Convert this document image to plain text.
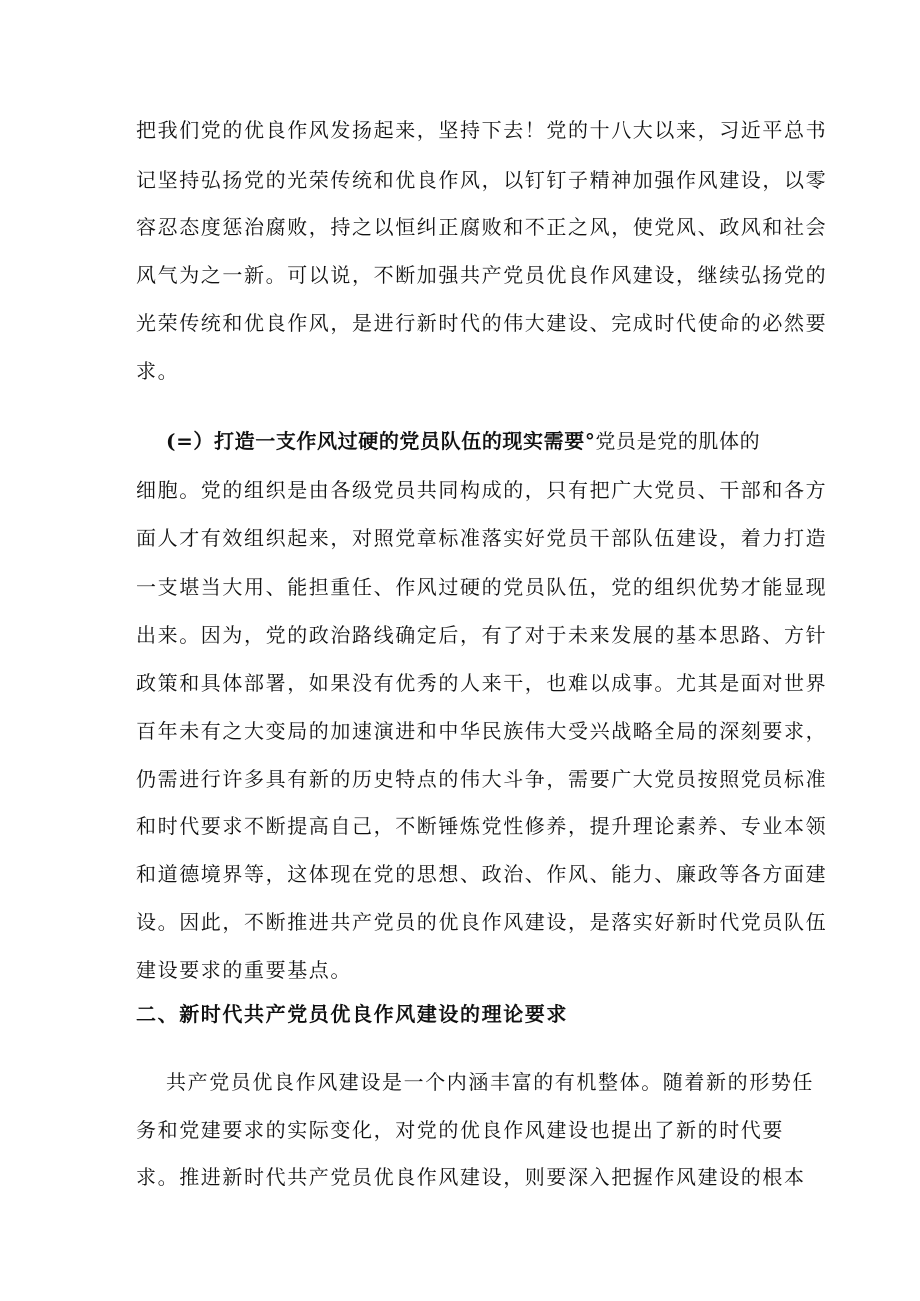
把我们党的优良作风发扬起来，坚持下去！党的十八大以来，习近平总书
记坚持弘扬党的光荣传统和优良作风，以钉钉子精神加强作风建设，以零
容忍态度惩治腐败，持之以恒纠正腐败和不正之风，使党风、政风和社会
风气为之一新。可以说，不断加强共产党员优良作风建设，继续弘扬党的
光荣传统和优良作风，是进行新时代的伟大建设、完成时代使命的必然要
求。
(=）打造一支作风过硬的党员队伍的现实需要°党员是党的肌体的
细胞。党的组织是由各级党员共同构成的，只有把广大党员、干部和各方
面人才有效组织起来，对照党章标准落实好党员干部队伍建设，着力打造
一支堪当大用、能担重任、作风过硬的党员队伍，党的组织优势才能显现
出来。因为，党的政治路线确定后，有了对于未来发展的基本思路、方针
政策和具体部署，如果没有优秀的人来干，也难以成事。尤其是面对世界
百年未有之大变局的加速演进和中华民族伟大受兴战略全局的深刻要求，
仍需进行许多具有新的历史特点的伟大斗争，需要广大党员按照党员标准
和时代要求不断提高自己，不断锤炼党性修养，提升理论素养、专业本领
和道德境界等，这体现在党的思想、政治、作风、能力、廉政等各方面建
设。因此，不断推进共产党员的优良作风建设，是落实好新时代党员队伍
建设要求的重要基点。
二、新时代共产党员优良作风建设的理论要求
共产党员优良作风建设是一个内涵丰富的有机整体。随着新的形势任
务和党建要求的实际变化，对党的优良作风建设也提出了新的时代要
求。推进新时代共产党员优良作风建设，则要深入把握作风建设的根本
